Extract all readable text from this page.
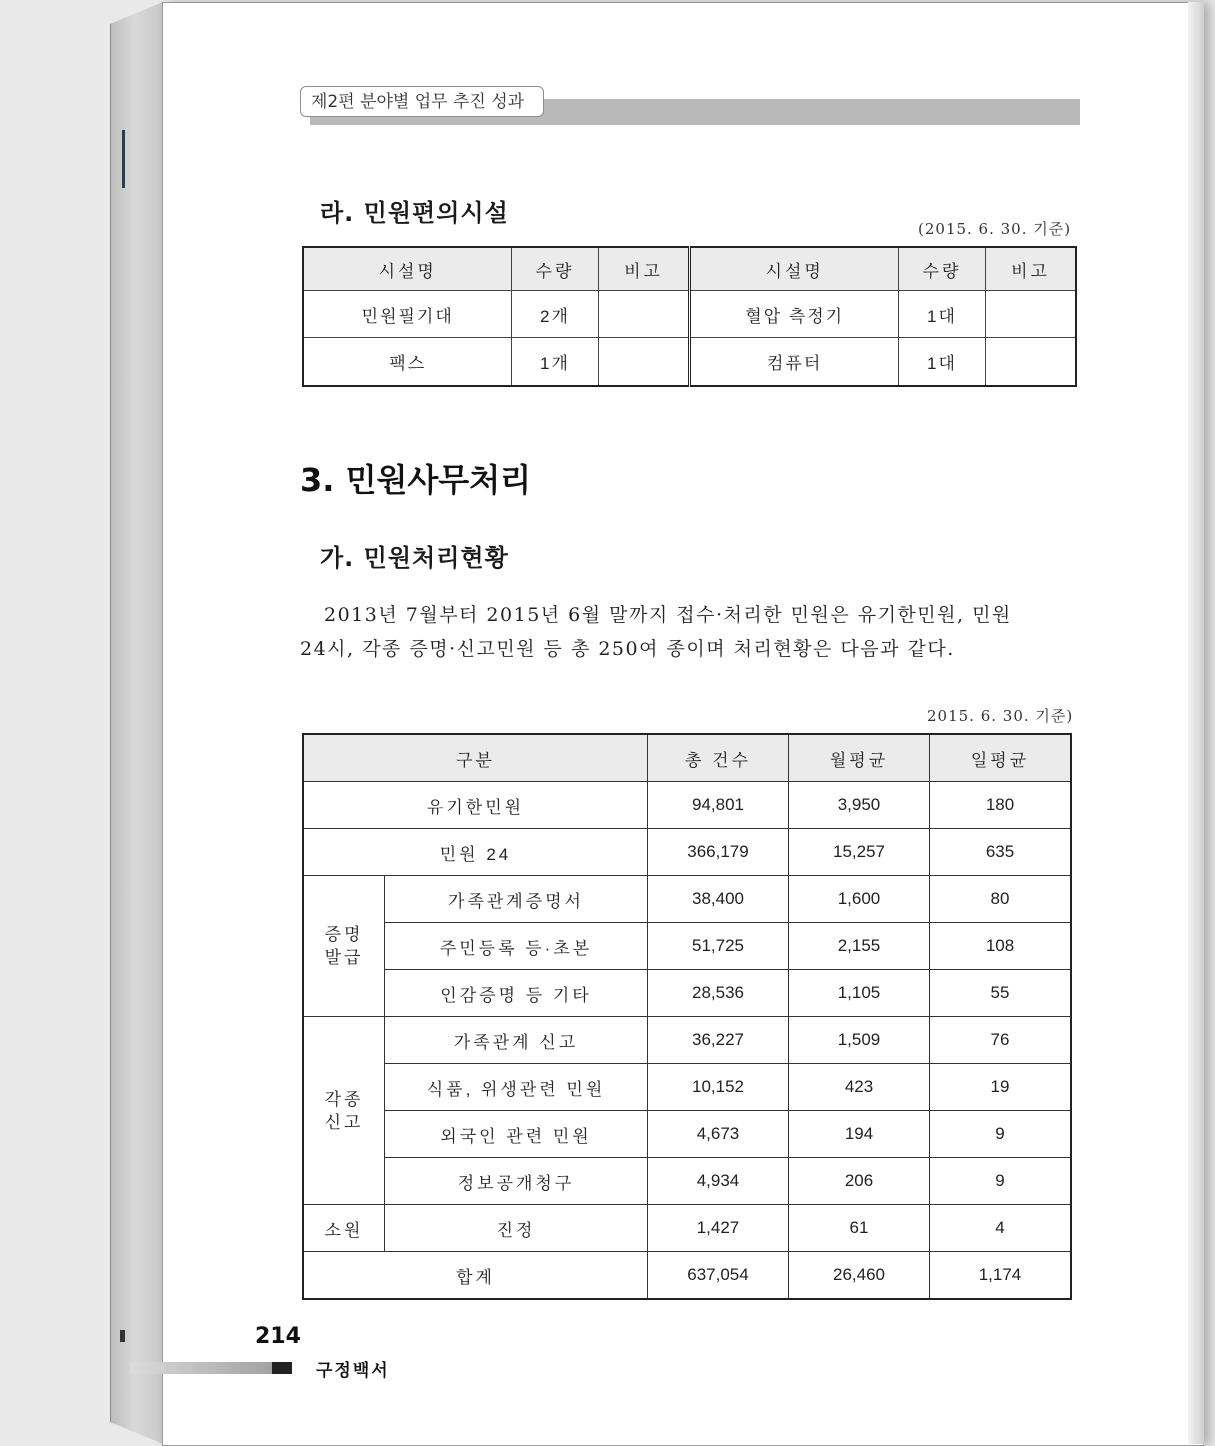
제2편 분야별 업무 추진 성과
라. 민원편의시설
(2015. 6. 30. 기준)
시설명	수량	비고	시설명	수량	비고
민원필기대	2개		혈압 측정기	1대	
팩스	1개		컴퓨터	1대	
3. 민원사무처리
가. 민원처리현황

2013년 7월부터 2015년 6월 말까지 접수·처리한 민원은 유기한민원, 민원

24시, 각종 증명·신고민원 등 총 250여 종이며 처리현황은 다음과 같다.

2015. 6. 30. 기준)
구분		총 건수	월평균	일평균
유기한민원		94,801	3,950	180
민원 24		366,179	15,257	635
증명
발급	가족관계증명서	38,400	1,600	80
	주민등록 등·초본	51,725	2,155	108
	인감증명 등 기타	28,536	1,105	55
각종
신고	가족관계 신고	36,227	1,509	76
	식품, 위생관련 민원	10,152	423	19
	외국인 관련 민원	4,673	194	9
	정보공개청구	4,934	206	9
소원	진정	1,427	61	4
합계		637,054	26,460	1,174
214
구정백서
